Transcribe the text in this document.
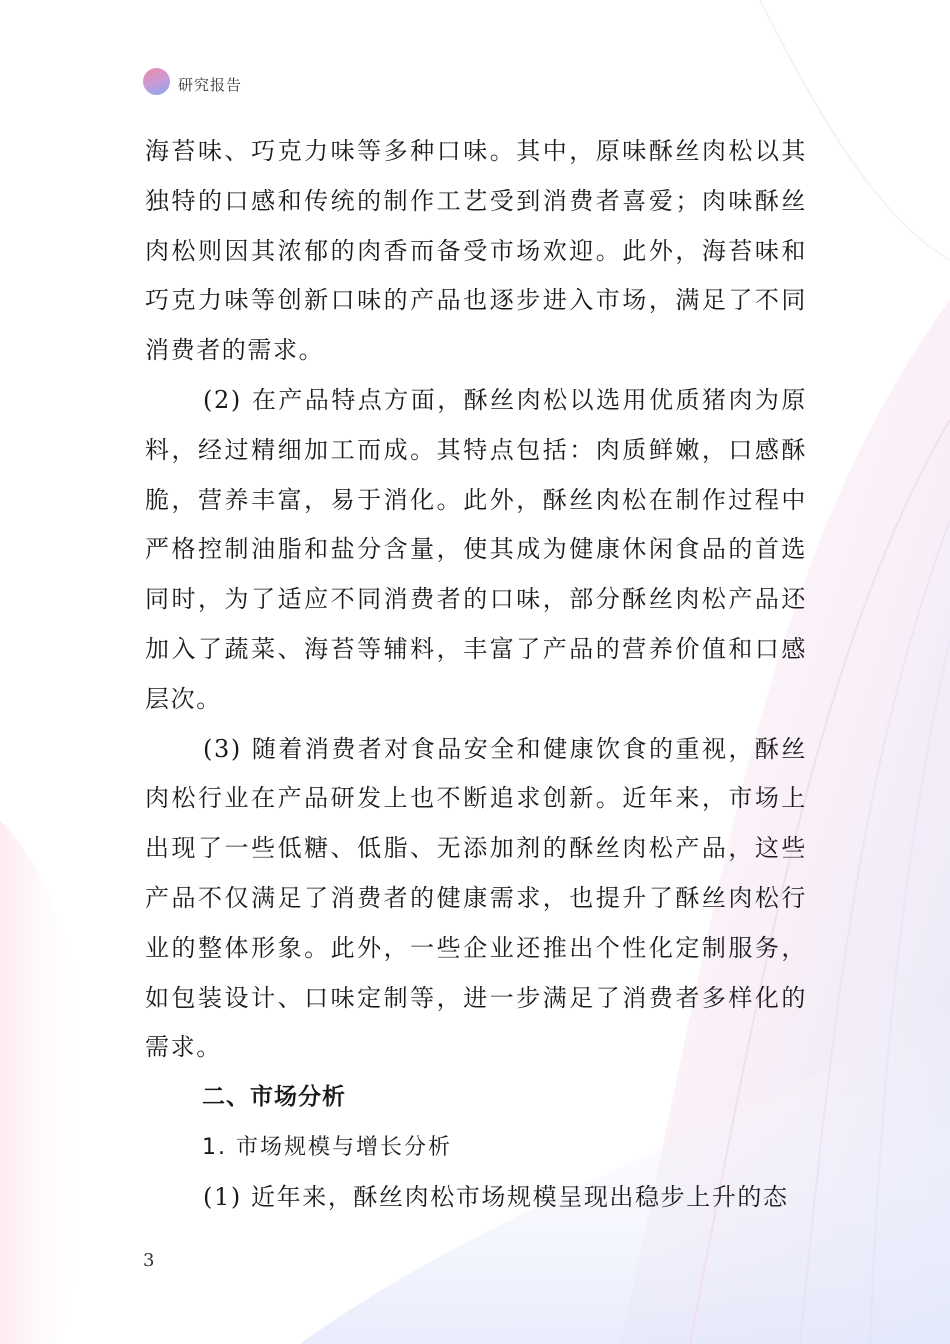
研究报告

海苔味、巧克力味等多种口味。其中，原味酥丝肉松以其独特的口感和传统的制作工艺受到消费者喜爱；肉味酥丝肉松则因其浓郁的肉香而备受市场欢迎。此外，海苔味和巧克力味等创新口味的产品也逐步进入市场，满足了不同消费者的需求。

(2) 在产品特点方面，酥丝肉松以选用优质猪肉为原料，经过精细加工而成。其特点包括：肉质鲜嫩，口感酥脆，营养丰富，易于消化。此外，酥丝肉松在制作过程中严格控制油脂和盐分含量，使其成为健康休闲食品的首选同时，为了适应不同消费者的口味，部分酥丝肉松产品还加入了蔬菜、海苔等辅料，丰富了产品的营养价值和口感层次。

(3) 随着消费者对食品安全和健康饮食的重视，酥丝肉松行业在产品研发上也不断追求创新。近年来，市场上出现了一些低糖、低脂、无添加剂的酥丝肉松产品，这些产品不仅满足了消费者的健康需求，也提升了酥丝肉松行业的整体形象。此外，一些企业还推出个性化定制服务，如包装设计、口味定制等，进一步满足了消费者多样化的需求。

二、市场分析

1. 市场规模与增长分析

(1) 近年来，酥丝肉松市场规模呈现出稳步上升的态

3
